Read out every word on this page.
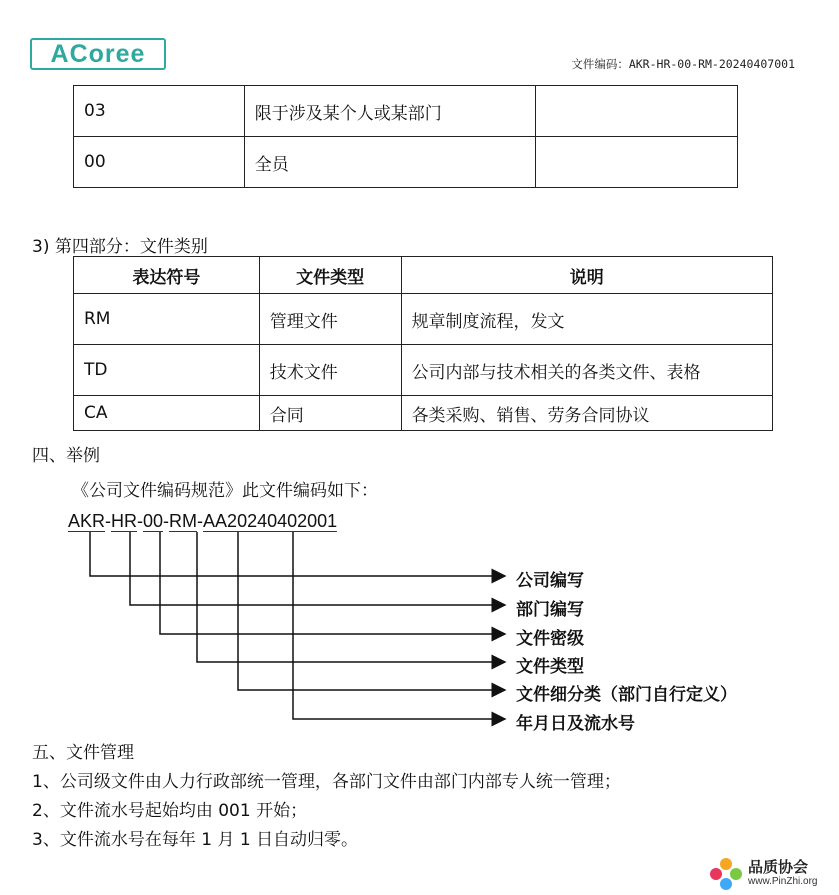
ACoree	文件编码：AKR-HR-00-RM-20240407001
03	限于涉及某个人或某部门	
00	全员	
3) 第四部分：文件类别
表达符号	文件类型	说明
RM	管理文件	规章制度流程，发文
TD	技术文件	公司内部与技术相关的各类文件、表格
CA	合同	各类采购、销售、劳务合同协议
四、举例
《公司文件编码规范》此文件编码如下：
AKR-HR-00-RM-AA20240402001
公司编写
部门编写
文件密级
文件类型
文件细分类（部门自行定义）
年月日及流水号
五、文件管理
1、公司级文件由人力行政部统一管理，各部门文件由部门内部专人统一管理；
2、文件流水号起始均由 001 开始；
3、文件流水号在每年 1 月 1 日自动归零。
品质协会
www.PinZhi.org
